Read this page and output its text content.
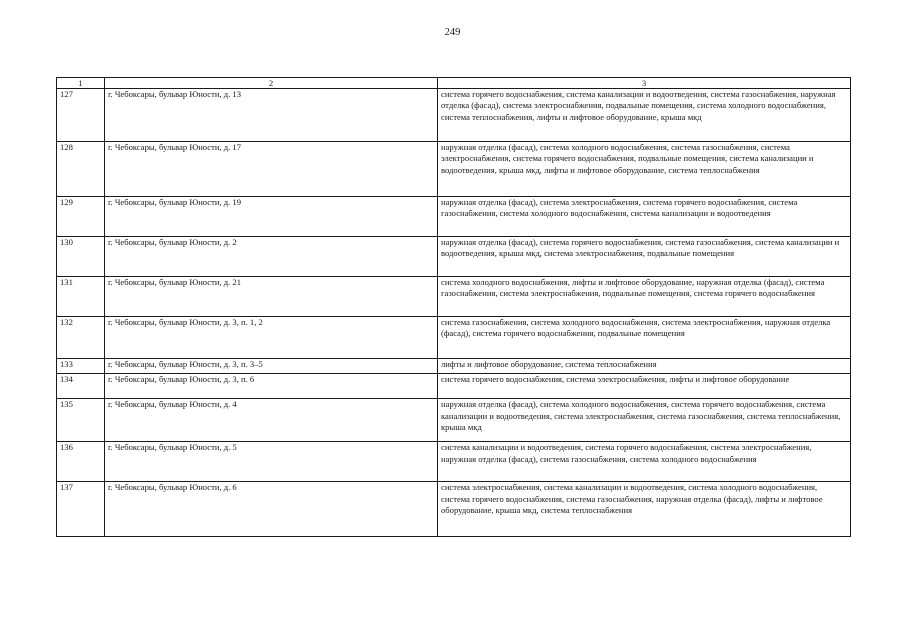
249
1	2	3
127	г. Чебоксары, бульвар Юности, д. 13	система горячего водоснабжения, система канализации и водоотведения, система газоснабжения, наружная отделка (фасад), система электроснабжения, подвальные помещения, система холодного водоснабжения, система теплоснабжения, лифты и лифтовое оборудование, крыша мкд
128	г. Чебоксары, бульвар Юности, д. 17	наружная отделка (фасад), система холодного водоснабжения, система газоснабжения, система электроснабжения, система горячего водоснабжения, подвальные помещения, система канализации и водоотведения, крыша мкд, лифты и лифтовое оборудование, система теплоснабжения
129	г. Чебоксары, бульвар Юности, д. 19	наружная отделка (фасад), система электроснабжения, система горячего водоснабжения, система газоснабжения, система холодного водоснабжения, система канализации и водоотведения
130	г. Чебоксары, бульвар Юности, д. 2	наружная отделка (фасад), система горячего водоснабжения, система газоснабжения, система канализации и водоотведения, крыша мкд, система электроснабжения, подвальные помещения
131	г. Чебоксары, бульвар Юности, д. 21	система холодного водоснабжения, лифты и лифтовое оборудование, наружная отделка (фасад), система газоснабжения, система электроснабжения, подвальные помещения, система горячего водоснабжения
132	г. Чебоксары, бульвар Юности, д. 3, п. 1, 2	система газоснабжения, система холодного водоснабжения, система электроснабжения, наружная отделка (фасад), система горячего водоснабжения, подвальные помещения
133	г. Чебоксары, бульвар Юности, д. 3, п. 3–5	лифты и лифтовое оборудование, система теплоснабжения
134	г. Чебоксары, бульвар Юности, д. 3, п. 6	система горячего водоснабжения, система электроснабжения, лифты и лифтовое оборудование
135	г. Чебоксары, бульвар Юности, д. 4	наружная отделка (фасад), система холодного водоснабжения, система горячего водоснабжения, система канализации и водоотведения, система электроснабжения, система газоснабжения, система теплоснабжения, крыша мкд
136	г. Чебоксары, бульвар Юности, д. 5	система канализации и водоотведения, система горячего водоснабжения, система электроснабжения, наружная отделка (фасад), система газоснабжения, система холодного водоснабжения
137	г. Чебоксары, бульвар Юности, д. 6	система электроснабжения, система канализации и водоотведения, система холодного водоснабжения, система горячего водоснабжения, система газоснабжения, наружная отделка (фасад), лифты и лифтовое оборудование, крыша мкд, система теплоснабжения
